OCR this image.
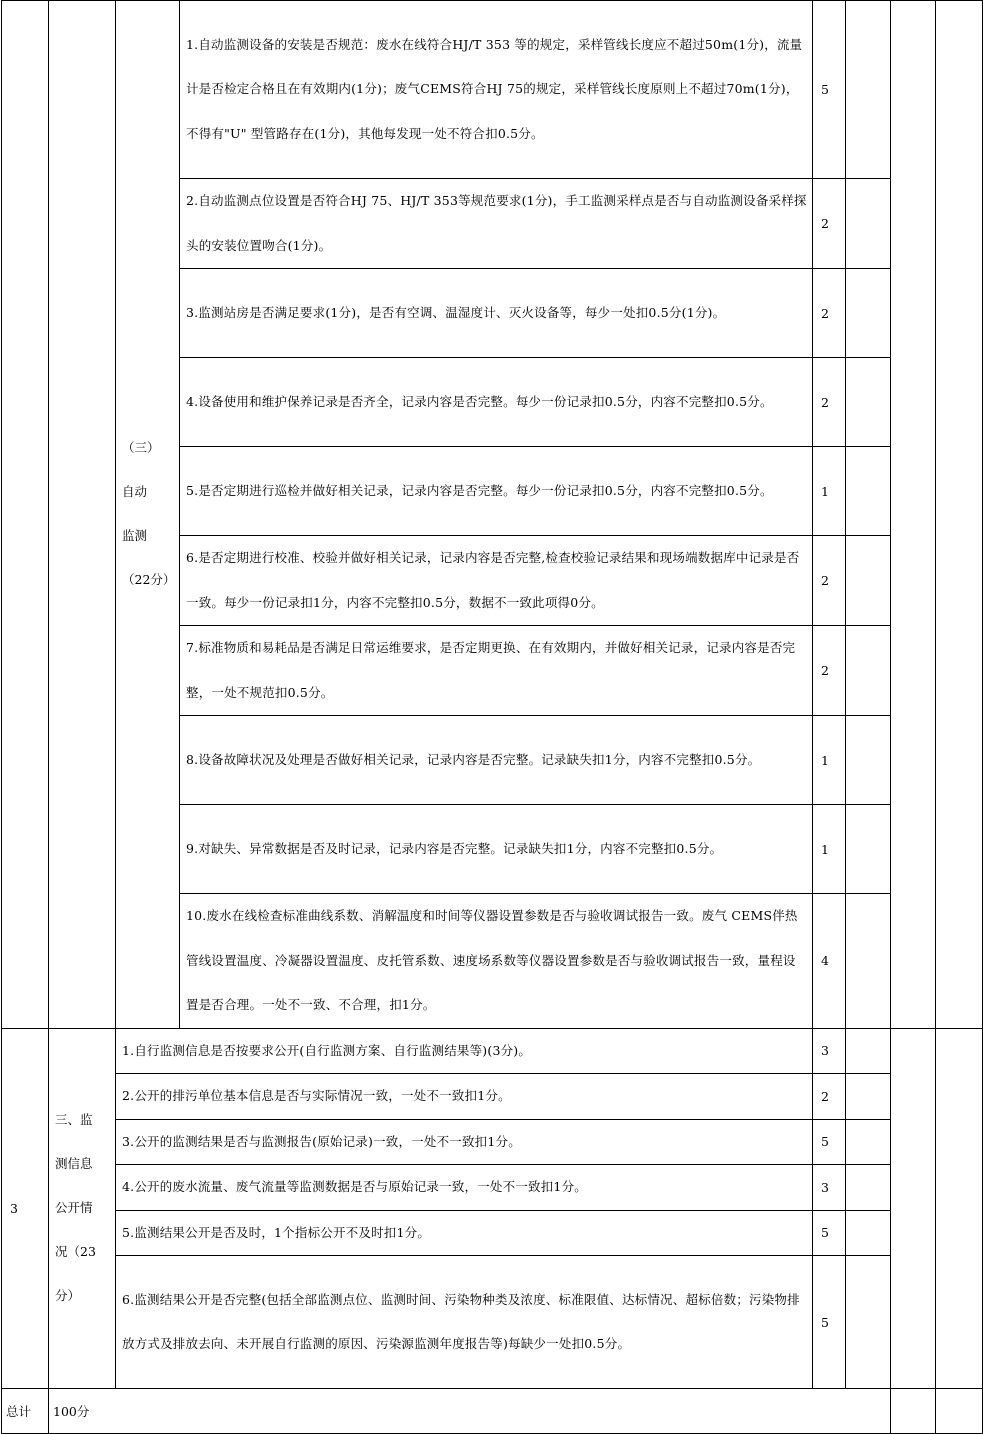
		（三）
自动
监测
（22分）	1.自动监测设备的安装是否规范：废水在线符合HJ/T 353 等的规定，采样管线长度应不超过50m(1分)，流量计是否检定合格且在有效期内(1分)；废气CEMS符合HJ 75的规定，采样管线长度原则上不超过70m(1分)，不得有"U" 型管路存在(1分)，其他每发现一处不符合扣0.5分。	5			
			2.自动监测点位设置是否符合HJ 75、HJ/T 353等规范要求(1分)，手工监测采样点是否与自动监测设备采样探头的安装位置吻合(1分)。	2			
			3.监测站房是否满足要求(1分)，是否有空调、温湿度计、灭火设备等，每少一处扣0.5分(1分)。	2			
			4.设备使用和维护保养记录是否齐全，记录内容是否完整。每少一份记录扣0.5分，内容不完整扣0.5分。	2			
			5.是否定期进行巡检并做好相关记录，记录内容是否完整。每少一份记录扣0.5分，内容不完整扣0.5分。	1			
			6.是否定期进行校准、校验并做好相关记录，记录内容是否完整,检查校验记录结果和现场端数据库中记录是否一致。每少一份记录扣1分，内容不完整扣0.5分，数据不一致此项得0分。	2			
			7.标准物质和易耗品是否满足日常运维要求，是否定期更换、在有效期内，并做好相关记录，记录内容是否完整，一处不规范扣0.5分。	2			
			8.设备故障状况及处理是否做好相关记录，记录内容是否完整。记录缺失扣1分，内容不完整扣0.5分。	1			
			9.对缺失、异常数据是否及时记录，记录内容是否完整。记录缺失扣1分，内容不完整扣0.5分。	1			
			10.废水在线检查标准曲线系数、消解温度和时间等仪器设置参数是否与验收调试报告一致。废气 CEMS伴热管线设置温度、冷凝器设置温度、皮托管系数、速度场系数等仪器设置参数是否与验收调试报告一致，量程设置是否合理。一处不一致、不合理，扣1分。	4			
3	三、监
测信息
公开情
况（23
分）	1.自行监测信息是否按要求公开(自行监测方案、自行监测结果等)(3分)。		3			
		2.公开的排污单位基本信息是否与实际情况一致，一处不一致扣1分。		2			
		3.公开的监测结果是否与监测报告(原始记录)一致，一处不一致扣1分。		5			
		4.公开的废水流量、废气流量等监测数据是否与原始记录一致，一处不一致扣1分。		3			
		5.监测结果公开是否及时，1个指标公开不及时扣1分。		5			
		6.监测结果公开是否完整(包括全部监测点位、监测时间、污染物种类及浓度、标准限值、达标情况、超标倍数；污染物排放方式及排放去向、未开展自行监测的原因、污染源监测年度报告等)每缺少一处扣0.5分。		5			
总计	100分						
